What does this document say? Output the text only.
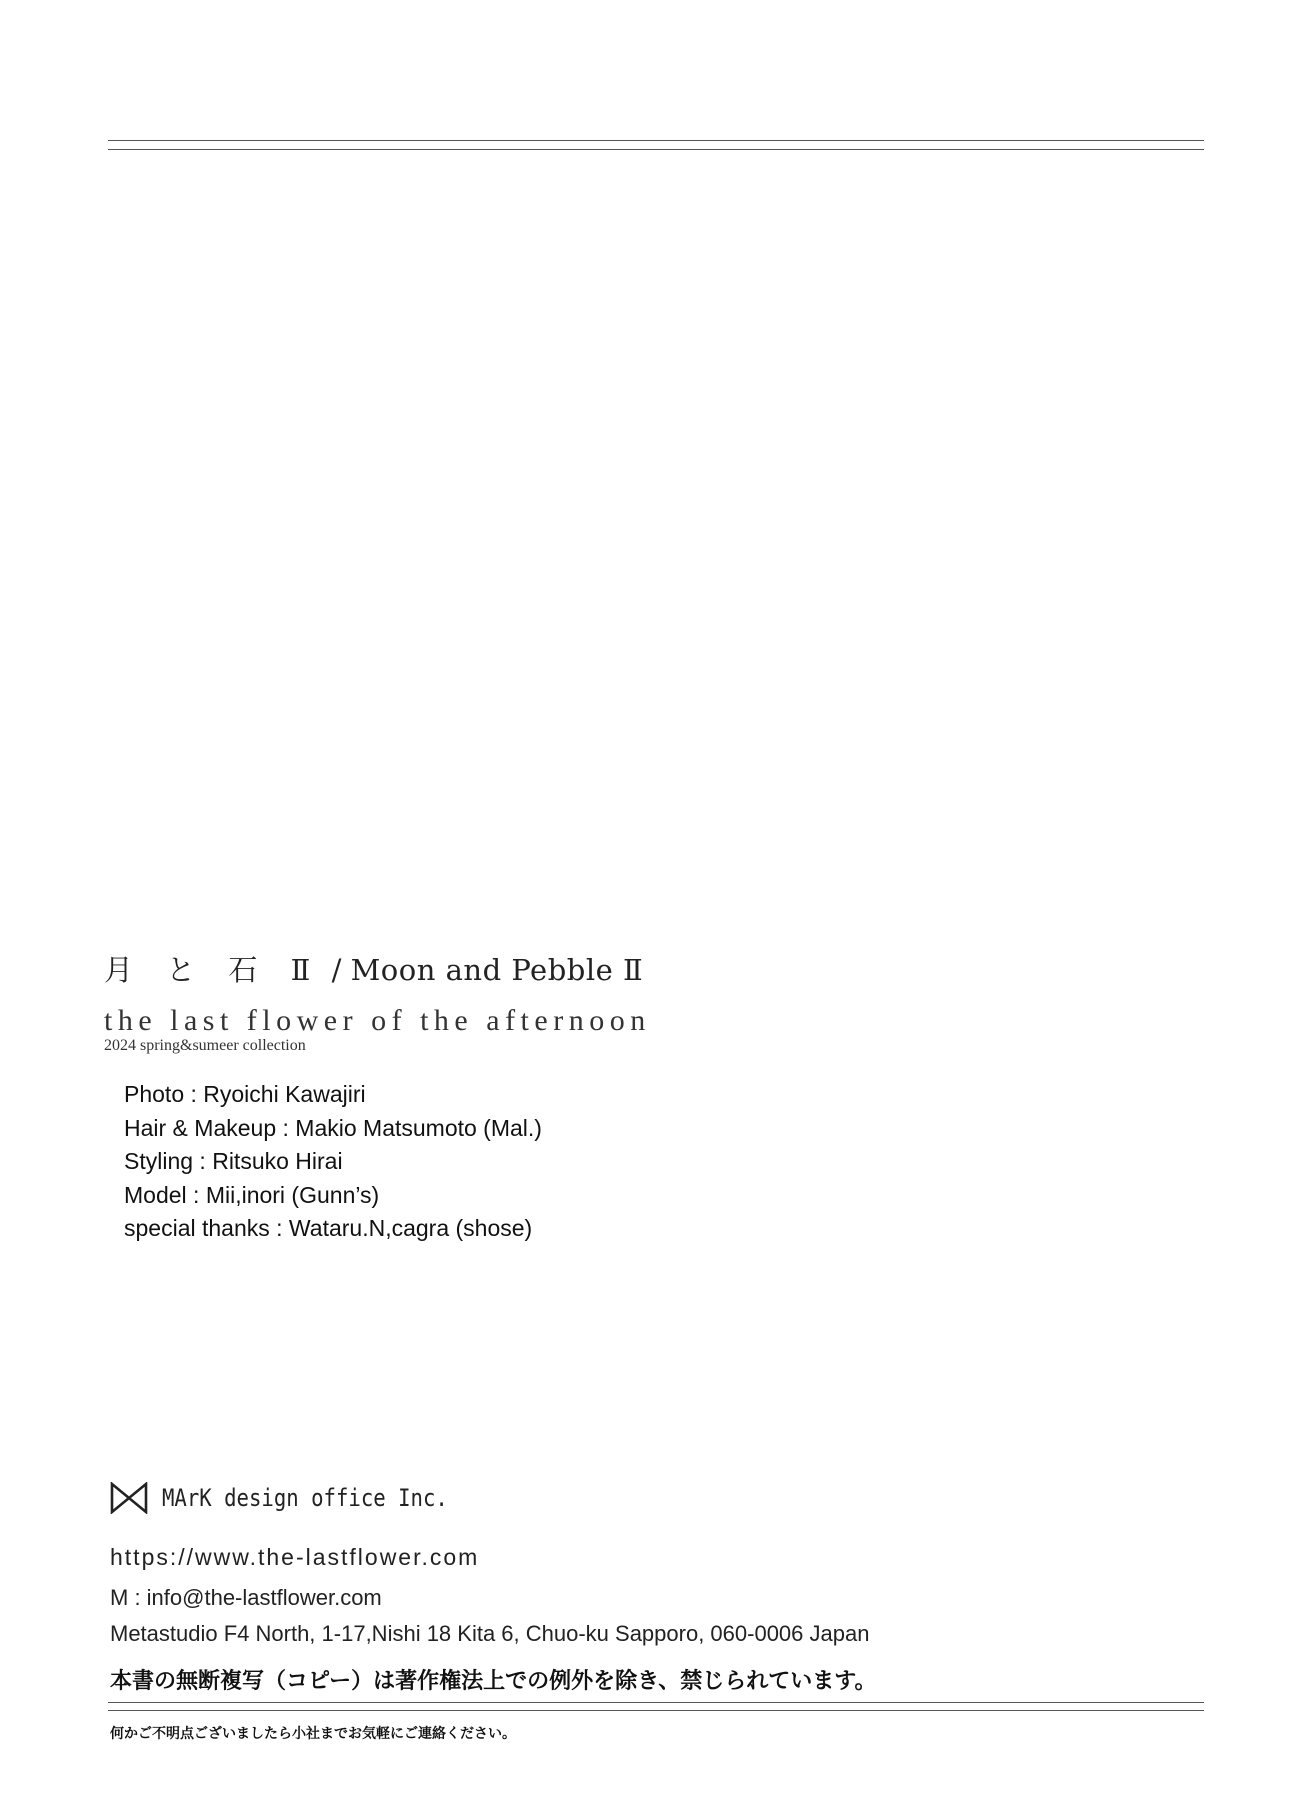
月 と 石 Ⅱ / Moon and Pebble Ⅱ
the last flower of the afternoon
2024 spring&sumeer collection
Photo : Ryoichi Kawajiri
Hair & Makeup : Makio Matsumoto (Mal.)
Styling : Ritsuko Hirai
Model : Mii,inori (Gunn’s)
special thanks : Wataru.N,cagra (shose)
MArK design office Inc.
https://www.the-lastflower.com
M : info@the-lastflower.com
Metastudio F4 North, 1-17,Nishi 18 Kita 6, Chuo-ku Sapporo, 060-0006 Japan
本書の無断複写（コピー）は著作権法上での例外を除き、禁じられています。
何かご不明点ございましたら小社までお気軽にご連絡ください。
